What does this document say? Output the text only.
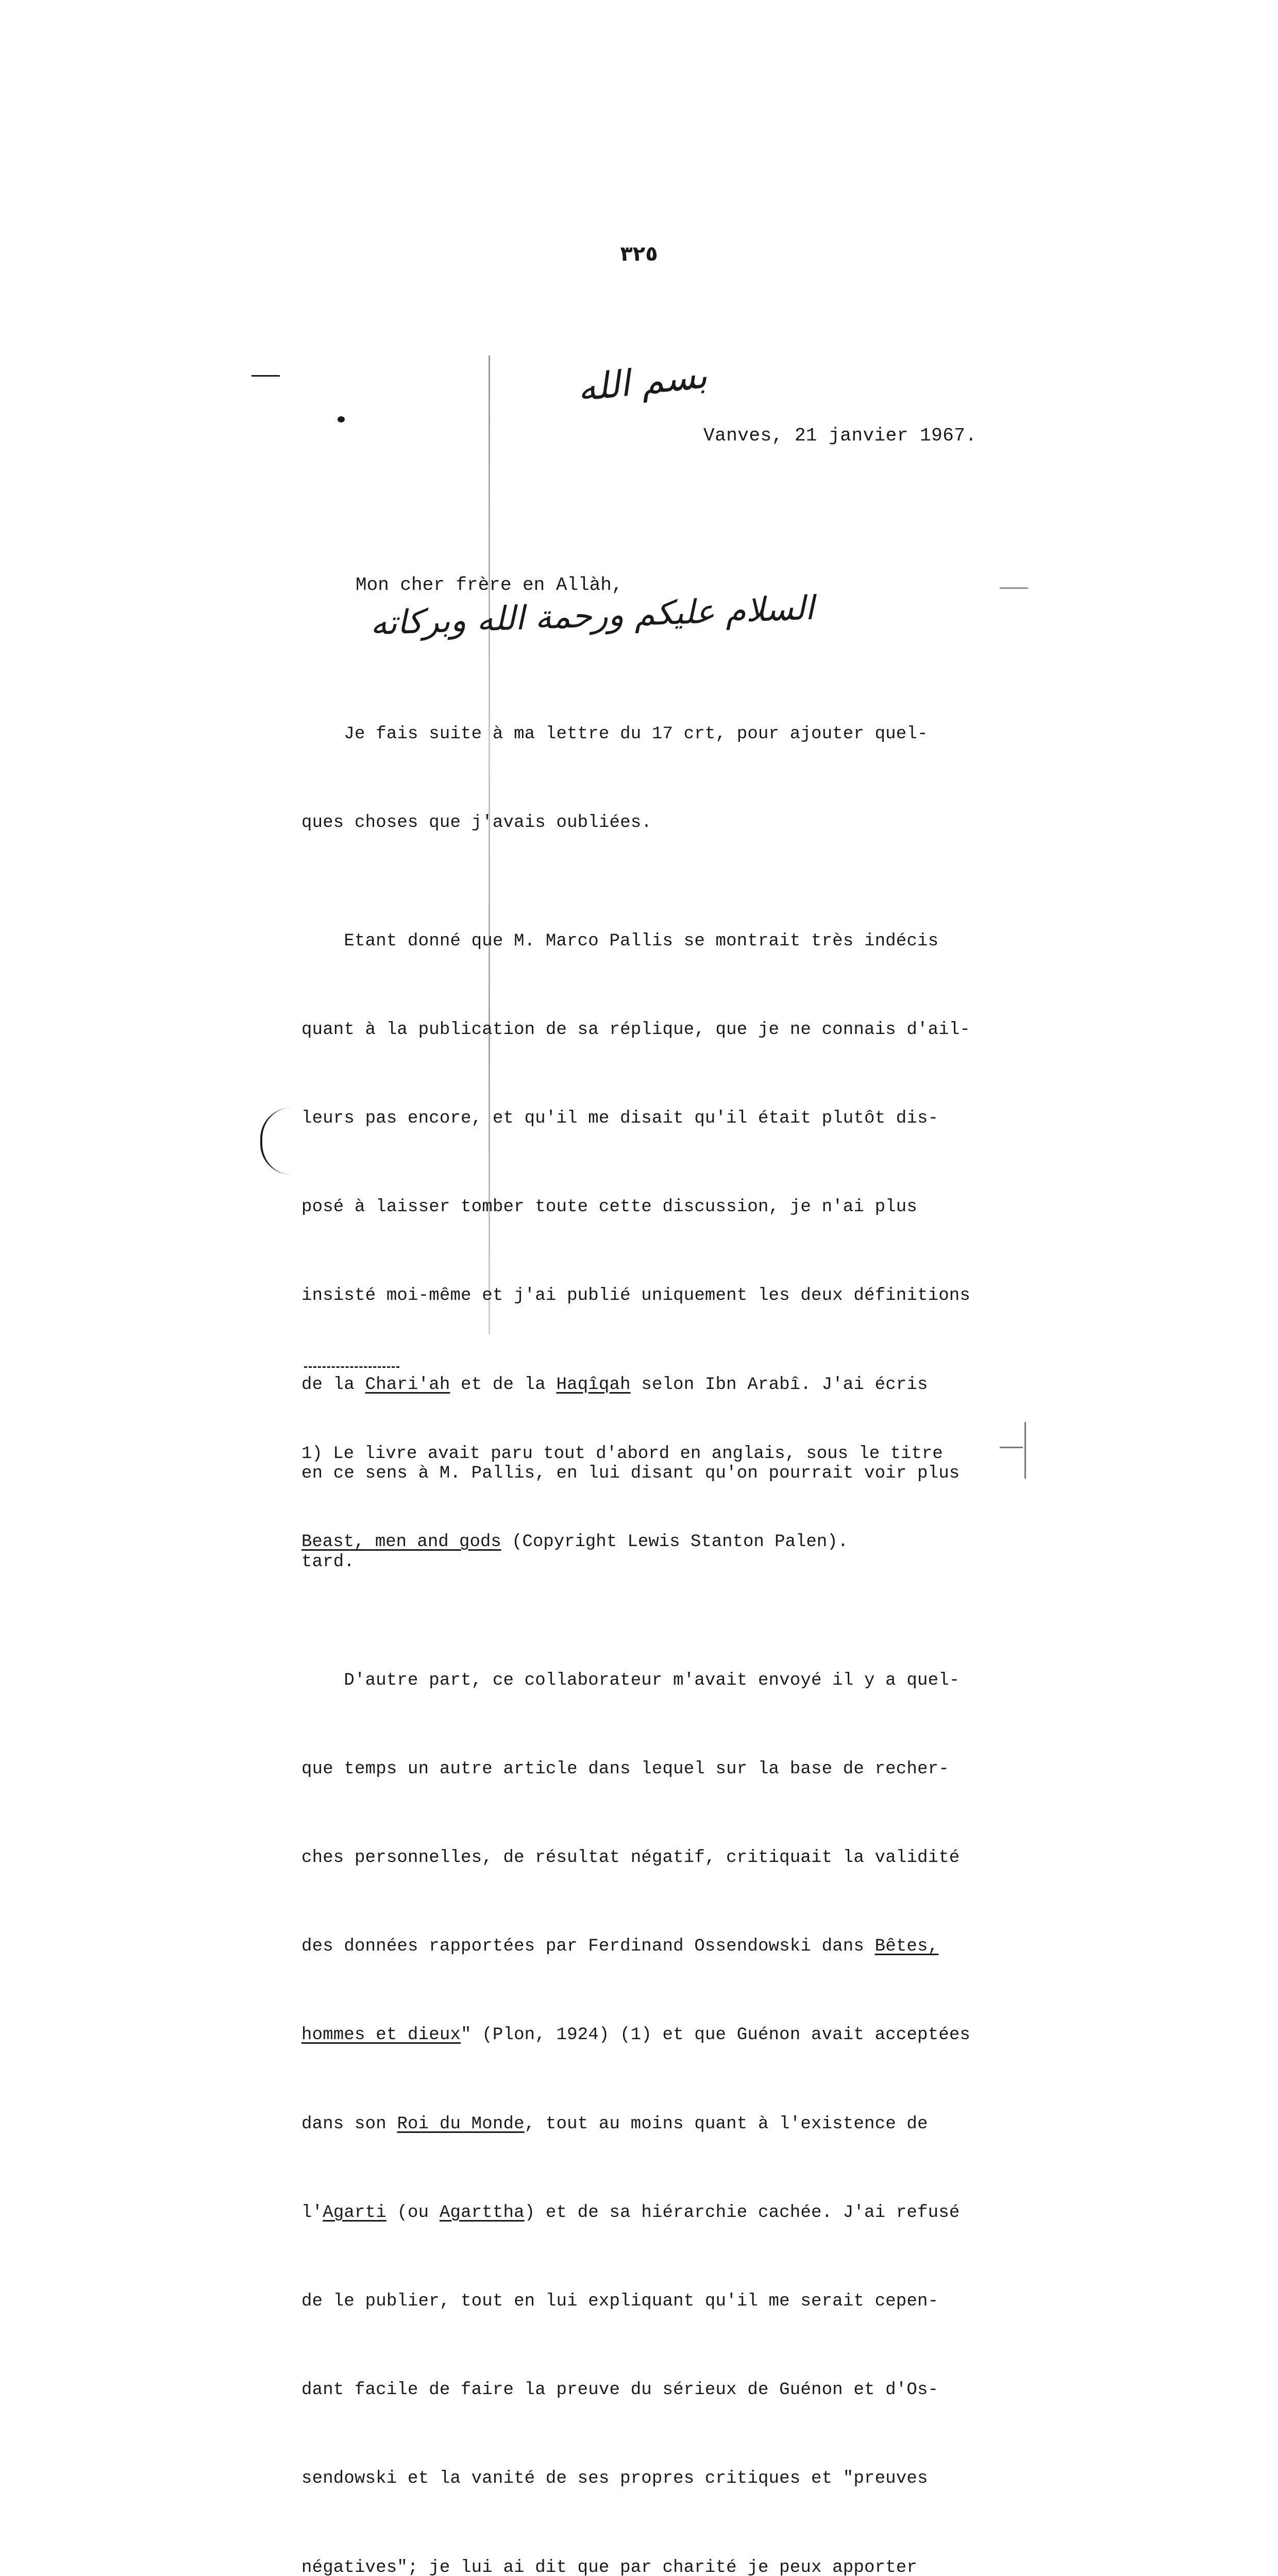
٣٢٥
بسم الله
Vanves, 21 janvier 1967.
Mon cher frère en Allàh,
السلام عليكم ورحمة الله وبركاته

Je fais suite à ma lettre du 17 crt, pour ajouter quel-

ques choses que j'avais oubliées.

Etant donné que M. Marco Pallis se montrait très indécis

quant à la publication de sa réplique, que je ne connais d'ail-

leurs pas encore, et qu'il me disait qu'il était plutôt dis-

posé à laisser tomber toute cette discussion, je n'ai plus

insisté moi-même et j'ai publié uniquement les deux définitions

de la Chari'ah et de la Haqîqah selon Ibn Arabî. J'ai écris

en ce sens à M. Pallis, en lui disant qu'on pourrait voir plus

tard.

D'autre part, ce collaborateur m'avait envoyé il y a quel-

que temps un autre article dans lequel sur la base de recher-

ches personnelles, de résultat négatif, critiquait la validité

des données rapportées par Ferdinand Ossendowski dans Bêtes,

hommes et dieux" (Plon, 1924) (1) et que Guénon avait acceptées

dans son Roi du Monde, tout au moins quant à l'existence de

l'Agarti (ou Agarttha) et de sa hiérarchie cachée. J'ai refusé

de le publier, tout en lui expliquant qu'il me serait cepen-

dant facile de faire la preuve du sérieux de Guénon et d'Os-

sendowski et la vanité de ses propres critiques et "preuves

négatives"; je lui ai dit que par charité je peux apporter

1) Le livre avait paru tout d'abord en anglais, sous le titre

Beast, men and gods (Copyright Lewis Stanton Palen).
